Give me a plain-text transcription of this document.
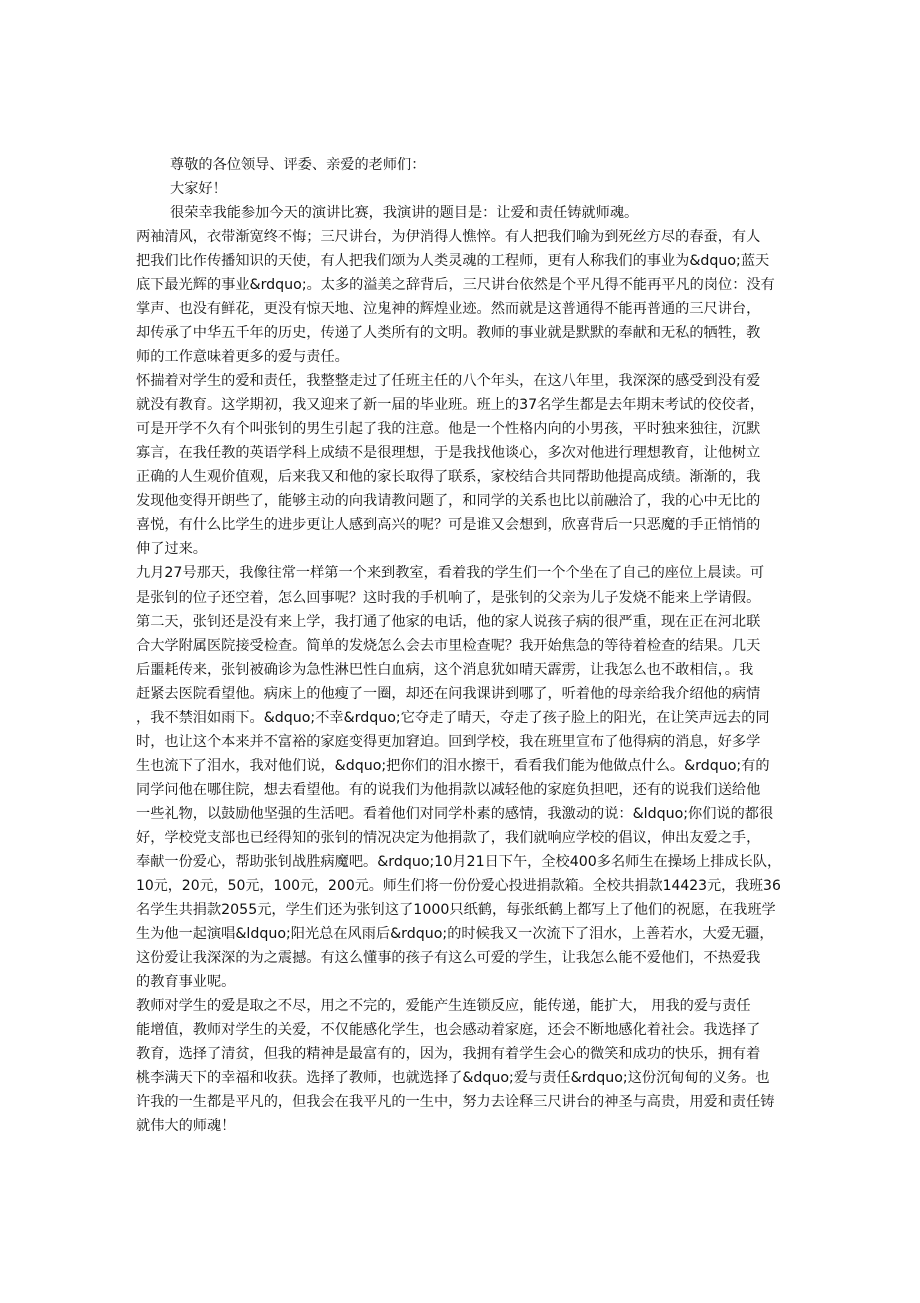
尊敬的各位领导、评委、亲爱的老师们：

大家好！

很荣幸我能参加今天的演讲比赛，我演讲的题目是：让爱和责任铸就师魂。

两袖清风，衣带渐宽终不悔；三尺讲台，为伊消得人憔悴。有人把我们喻为到死丝方尽的春蚕，有人

把我们比作传播知识的天使，有人把我们颂为人类灵魂的工程师，更有人称我们的事业为&dquo;蓝天

底下最光辉的事业&rdquo;。太多的溢美之辞背后，三尺讲台依然是个平凡得不能再平凡的岗位：没有

掌声、也没有鲜花，更没有惊天地、泣鬼神的辉煌业迹。然而就是这普通得不能再普通的三尺讲台，

却传承了中华五千年的历史，传递了人类所有的文明。教师的事业就是默默的奉献和无私的牺牲，教

师的工作意味着更多的爱与责任。

怀揣着对学生的爱和责任，我整整走过了任班主任的八个年头，在这八年里，我深深的感受到没有爱

就没有教育。这学期初，我又迎来了新一届的毕业班。班上的37名学生都是去年期末考试的佼佼者，

可是开学不久有个叫张钊的男生引起了我的注意。他是一个性格内向的小男孩，平时独来独往，沉默

寡言，在我任教的英语学科上成绩不是很理想，于是我找他谈心，多次对他进行理想教育，让他树立

正确的人生观价值观，后来我又和他的家长取得了联系，家校结合共同帮助他提高成绩。渐渐的，我

发现他变得开朗些了，能够主动的向我请教问题了，和同学的关系也比以前融洽了，我的心中无比的

喜悦，有什么比学生的进步更让人感到高兴的呢？可是谁又会想到，欣喜背后一只恶魔的手正悄悄的

伸了过来。

九月27号那天，我像往常一样第一个来到教室，看着我的学生们一个个坐在了自己的座位上晨读。可

是张钊的位子还空着，怎么回事呢？这时我的手机响了，是张钊的父亲为儿子发烧不能来上学请假。

第二天，张钊还是没有来上学，我打通了他家的电话，他的家人说孩子病的很严重，现在正在河北联

合大学附属医院接受检查。简单的发烧怎么会去市里检查呢？我开始焦急的等待着检查的结果。几天

后噩耗传来，张钊被确诊为急性淋巴性白血病，这个消息犹如晴天霹雳，让我怎么也不敢相信，。我

赶紧去医院看望他。病床上的他瘦了一圈，却还在问我课讲到哪了，听着他的母亲给我介绍他的病情

，我不禁泪如雨下。&dquo;不幸&rdquo;它夺走了晴天，夺走了孩子脸上的阳光，在让笑声远去的同

时，也让这个本来并不富裕的家庭变得更加窘迫。回到学校，我在班里宣布了他得病的消息，好多学

生也流下了泪水，我对他们说，&dquo;把你们的泪水擦干，看看我们能为他做点什么。&rdquo;有的

同学问他在哪住院，想去看望他。有的说我们为他捐款以减轻他的家庭负担吧，还有的说我们送给他

一些礼物，以鼓励他坚强的生活吧。看着他们对同学朴素的感情，我激动的说：&ldquo;你们说的都很

好，学校党支部也已经得知的张钊的情况决定为他捐款了，我们就响应学校的倡议，伸出友爱之手，

奉献一份爱心，帮助张钊战胜病魔吧。&rdquo;10月21日下午，全校400多名师生在操场上排成长队，

10元，20元，50元，100元，200元。师生们将一份份爱心投进捐款箱。全校共捐款14423元，我班36

名学生共捐款2055元，学生们还为张钊这了1000只纸鹤，每张纸鹤上都写上了他们的祝愿，在我班学

生为他一起演唱&ldquo;阳光总在风雨后&rdquo;的时候我又一次流下了泪水，上善若水，大爱无疆，

这份爱让我深深的为之震撼。有这么懂事的孩子有这么可爱的学生，让我怎么能不爱他们，不热爱我

的教育事业呢。

教师对学生的爱是取之不尽，用之不完的，爱能产生连锁反应，能传递，能扩大， 用我的爱与责任

能增值，教师对学生的关爱，不仅能感化学生，也会感动着家庭，还会不断地感化着社会。我选择了

教育，选择了清贫，但我的精神是最富有的，因为，我拥有着学生会心的微笑和成功的快乐，拥有着

桃李满天下的幸福和收获。选择了教师，也就选择了&dquo;爱与责任&rdquo;这份沉甸甸的义务。也

许我的一生都是平凡的，但我会在我平凡的一生中，努力去诠释三尺讲台的神圣与高贵，用爱和责任铸

就伟大的师魂！
